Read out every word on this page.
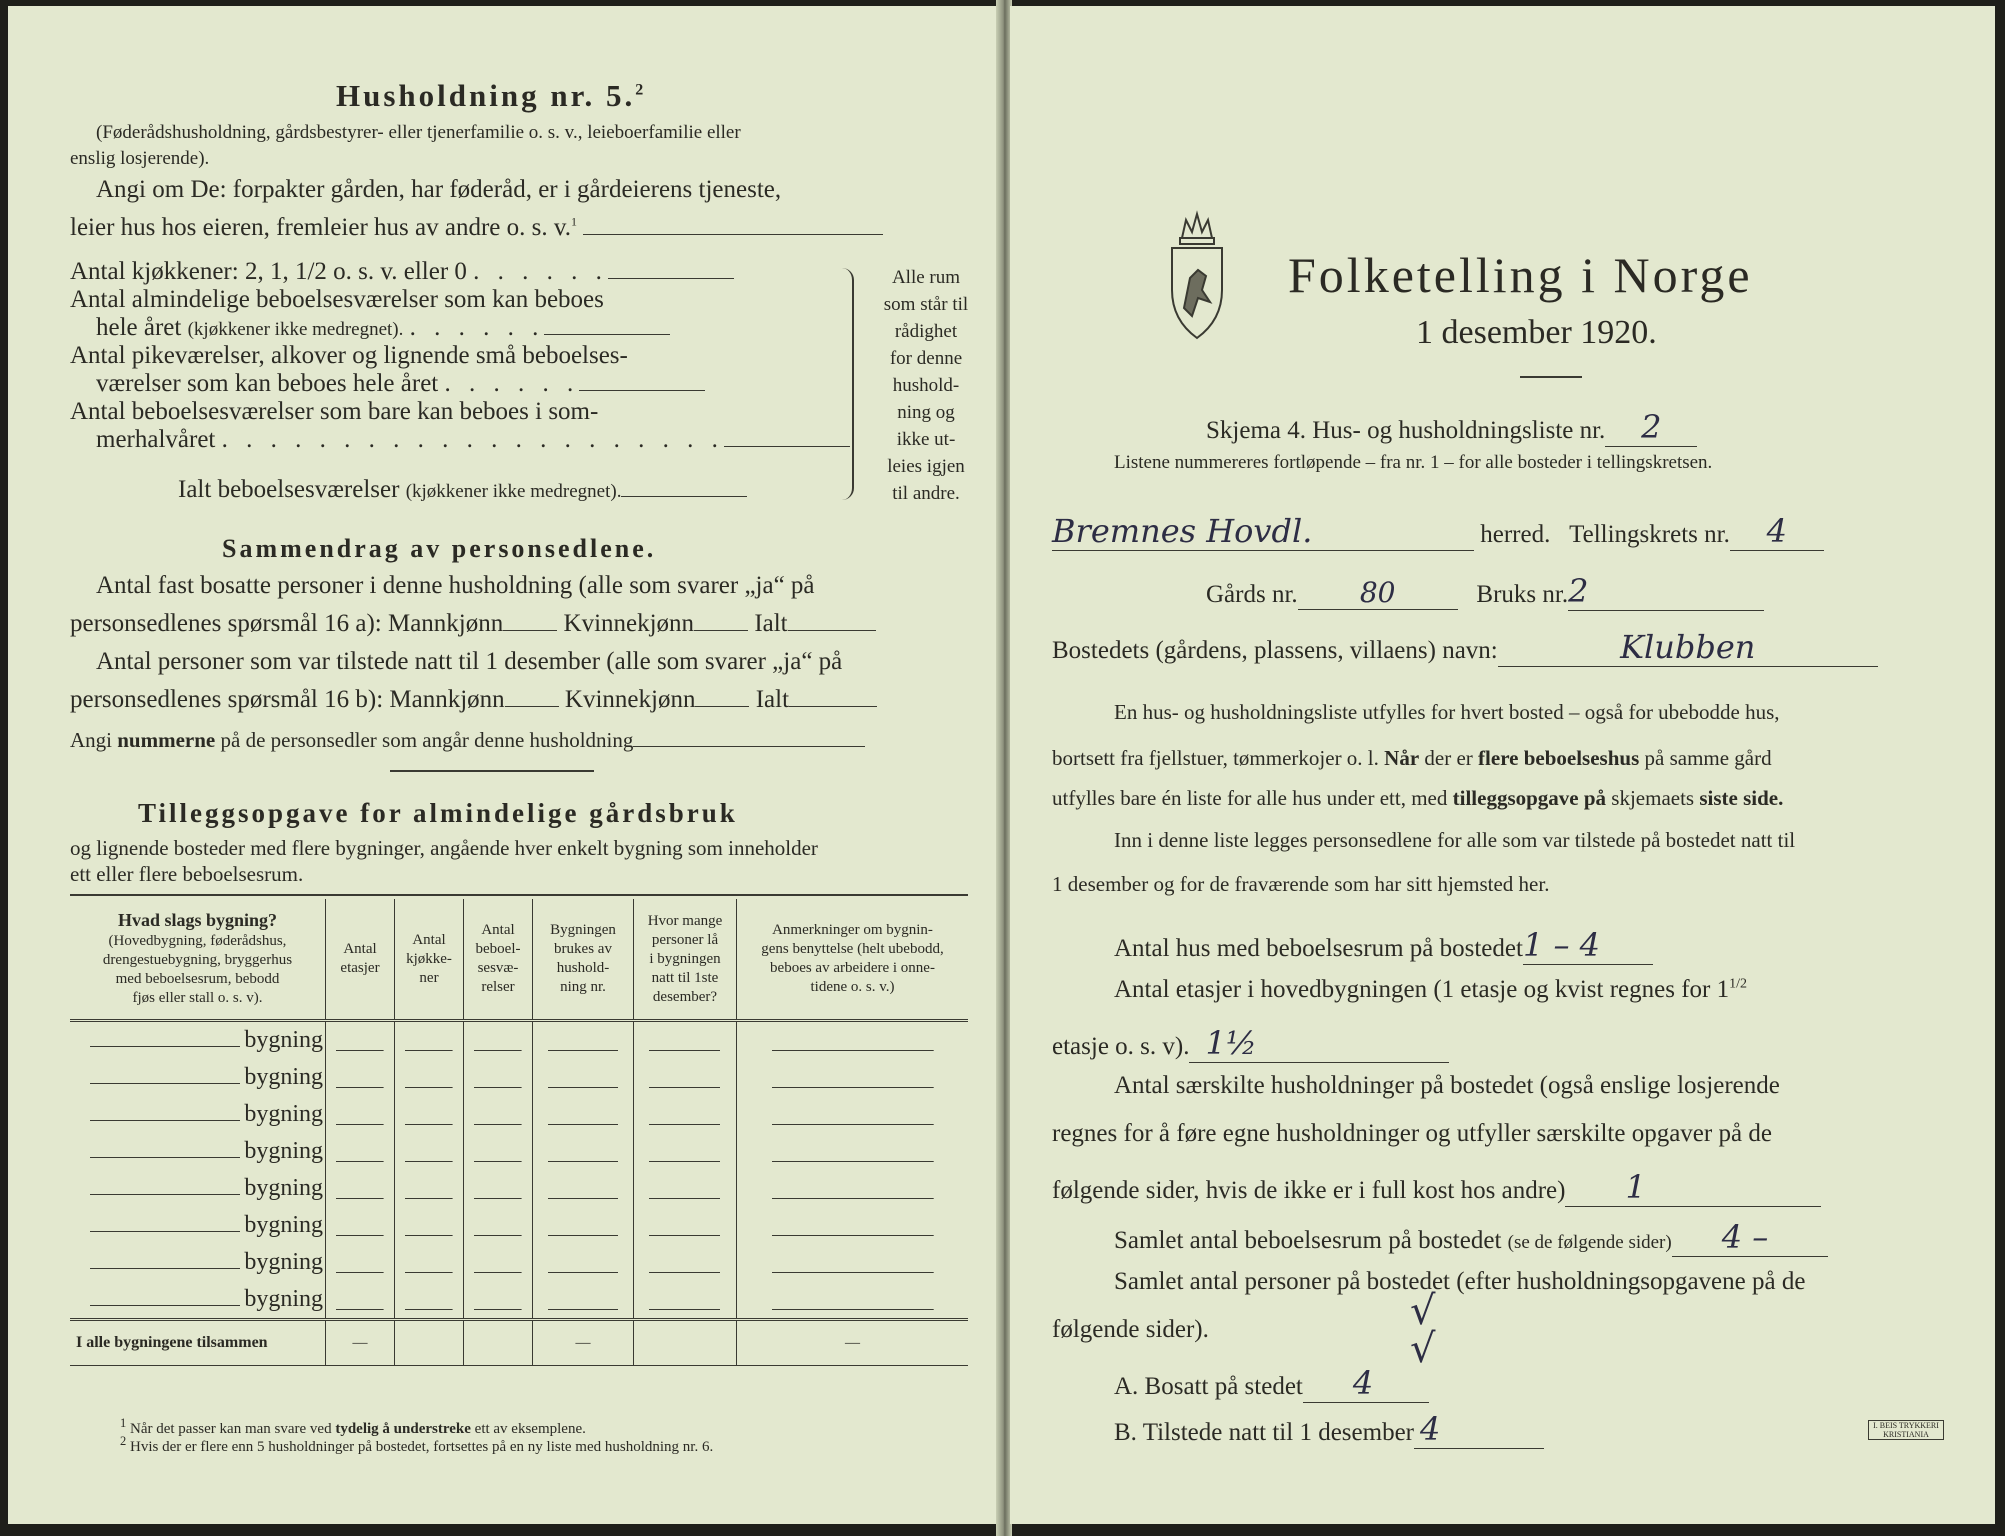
Husholdning nr. 5.$^2$
(Føderådshusholdning, gårdsbestyrer- eller tjenerfamilie o. s. v., leieboerfamilie eller
enslig losjerende).
Angi om De: forpakter gården, har føderåd, er i gårdeierens tjeneste,
leier hus hos eieren, fremleier hus av andre o. s. v.$^1$
Antal kjøkkener: 2, 1, 1/2 o. s. v. eller 0 . . . . . .
Antal almindelige beboelsesværelser som kan beboes
hele året (kjøkkener ikke medregnet). . . . . . .
Antal pikeværelser, alkover og lignende små beboelses-
værelser som kan beboes hele året . . . . . .
Antal beboelsesværelser som bare kan beboes i som-
merhalvåret . . . . . . . . . . . . . . . . . . . . .
Ialt beboelsesværelser (kjøkkener ikke medregnet).
Alle rum
som står til
rådighet
for denne
hushold-
ning og
ikke ut-
leies igjen
til andre.
Sammendrag av personsedlene.
Antal fast bosatte personer i denne husholdning (alle som svarer „ja“ på
personsedlenes spørsmål 16 a): Mannkjønn Kvinnekjønn Ialt
Antal personer som var tilstede natt til 1 desember (alle som svarer „ja“ på
personsedlenes spørsmål 16 b): Mannkjønn Kvinnekjønn Ialt
Angi nummerne på de personsedler som angår denne husholdning
Tilleggsopgave for almindelige gårdsbruk
og lignende bosteder med flere bygninger, angående hver enkelt bygning som inneholder
ett eller flere beboelsesrum.
Hvad slags bygning?
(Hovedbygning, føderådshus,
drengestuebygning, bryggerhus
med beboelsesrum, bebodd
fjøs eller stall o. s. v).	Antal
etasjer	Antal
kjøkke-
ner	Antal
beboel-
sesvæ-
relser	Bygningen
brukes av
hushold-
ning nr.	Hvor mange
personer lå
i bygningen
natt til 1ste
desember?	Anmerkninger om bygnin-
gens benyttelse (helt ubebodd,
beboes av arbeidere i onne-
tidene o. s. v.)
bygning						
bygning						
bygning						
bygning						
bygning						
bygning						
bygning						
bygning						
I alle bygningene tilsammen	—			—		—
$^1$ Når det passer kan man svare ved tydelig å understreke ett av eksemplene.
$^2$ Hvis der er flere enn 5 husholdninger på bostedet, fortsettes på en ny liste med husholdning nr. 6.
Folketelling i Norge
1 desember 1920.
Skjema 4. Hus- og husholdningsliste nr. 2
Listene nummereres fortløpende – fra nr. 1 – for alle bosteder i tellingskretsen.
Bremnes Hovdl.	herred. Tellingskrets nr. 4
Gårds nr. 80	Bruks nr.2
Bostedets (gårdens, plassens, villaens) navn:	Klubben
En hus- og husholdningsliste utfylles for hvert bosted – også for ubebodde hus,
bortsett fra fjellstuer, tømmerkojer o. l. Når der er flere beboelseshus på samme gård
utfylles bare én liste for alle hus under ett, med tilleggsopgave på skjemaets siste side.
Inn i denne liste legges personsedlene for alle som var tilstede på bostedet natt til
1 desember og for de fraværende som har sitt hjemsted her.
Antal hus med beboelsesrum på bostedet1 – 4
Antal etasjer i hovedbygningen (1 etasje og kvist regnes for $1^{1/2}$
etasje o. s. v). 1½
Antal særskilte husholdninger på bostedet (også enslige losjerende
regnes for å føre egne husholdninger og utfyller særskilte opgaver på de
følgende sider, hvis de ikke er i full kost hos andre) 1
Samlet antal beboelsesrum på bostedet (se de følgende sider) 4 –
Samlet antal personer på bostedet (efter husholdningsopgavene på de
følgende sider).	√
A. Bosatt på stedet 4
√
B. Tilstede natt til 1 desember 4	I. BEIS TRYKKERI KRISTIANIA
